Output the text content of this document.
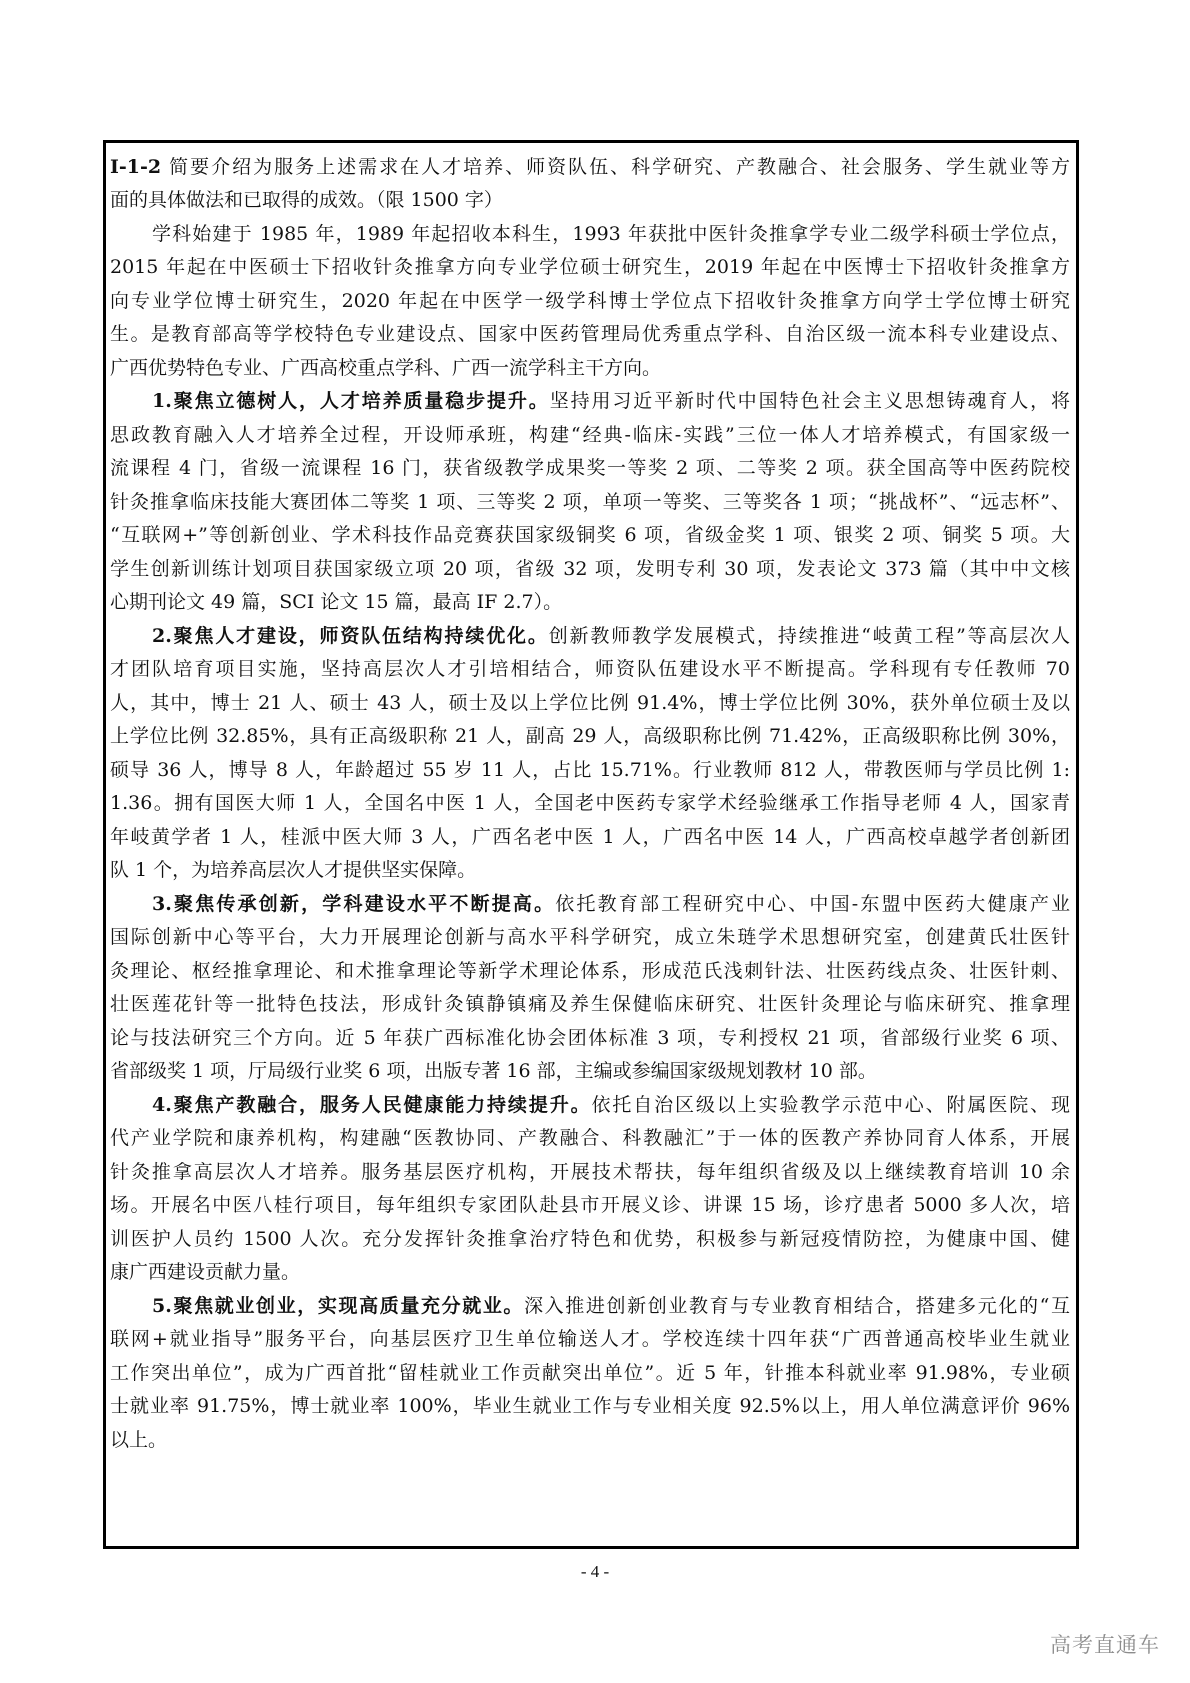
I-1-2 简要介绍为服务上述需求在人才培养、师资队伍、科学研究、产教融合、社会服务、学生就业等方
面的具体做法和已取得的成效。（限 1500 字）
学科始建于 1985 年，1989 年起招收本科生，1993 年获批中医针灸推拿学专业二级学科硕士学位点，
2015 年起在中医硕士下招收针灸推拿方向专业学位硕士研究生，2019 年起在中医博士下招收针灸推拿方
向专业学位博士研究生，2020 年起在中医学一级学科博士学位点下招收针灸推拿方向学士学位博士研究
生。是教育部高等学校特色专业建设点、国家中医药管理局优秀重点学科、自治区级一流本科专业建设点、
广西优势特色专业、广西高校重点学科、广西一流学科主干方向。
1.聚焦立德树人，人才培养质量稳步提升。坚持用习近平新时代中国特色社会主义思想铸魂育人，将
思政教育融入人才培养全过程，开设师承班，构建“经典-临床-实践”三位一体人才培养模式，有国家级一
流课程 4 门，省级一流课程 16 门，获省级教学成果奖一等奖 2 项、二等奖 2 项。获全国高等中医药院校
针灸推拿临床技能大赛团体二等奖 1 项、三等奖 2 项，单项一等奖、三等奖各 1 项；“挑战杯”、“远志杯”、
“互联网+”等创新创业、学术科技作品竞赛获国家级铜奖 6 项，省级金奖 1 项、银奖 2 项、铜奖 5 项。大
学生创新训练计划项目获国家级立项 20 项，省级 32 项，发明专利 30 项，发表论文 373 篇（其中中文核
心期刊论文 49 篇，SCI 论文 15 篇，最高 IF 2.7）。
2.聚焦人才建设，师资队伍结构持续优化。创新教师教学发展模式，持续推进“岐黄工程”等高层次人
才团队培育项目实施，坚持高层次人才引培相结合，师资队伍建设水平不断提高。学科现有专任教师 70
人，其中，博士 21 人、硕士 43 人，硕士及以上学位比例 91.4%，博士学位比例 30%，获外单位硕士及以
上学位比例 32.85%，具有正高级职称 21 人，副高 29 人，高级职称比例 71.42%，正高级职称比例 30%，
硕导 36 人，博导 8 人，年龄超过 55 岁 11 人，占比 15.71%。行业教师 812 人，带教医师与学员比例 1:
1.36。拥有国医大师 1 人，全国名中医 1 人，全国老中医药专家学术经验继承工作指导老师 4 人，国家青
年岐黄学者 1 人，桂派中医大师 3 人，广西名老中医 1 人，广西名中医 14 人，广西高校卓越学者创新团
队 1 个，为培养高层次人才提供坚实保障。
3.聚焦传承创新，学科建设水平不断提高。依托教育部工程研究中心、中国-东盟中医药大健康产业
国际创新中心等平台，大力开展理论创新与高水平科学研究，成立朱琏学术思想研究室，创建黄氏壮医针
灸理论、枢经推拿理论、和术推拿理论等新学术理论体系，形成范氏浅刺针法、壮医药线点灸、壮医针刺、
壮医莲花针等一批特色技法，形成针灸镇静镇痛及养生保健临床研究、壮医针灸理论与临床研究、推拿理
论与技法研究三个方向。近 5 年获广西标准化协会团体标准 3 项，专利授权 21 项，省部级行业奖 6 项、
省部级奖 1 项，厅局级行业奖 6 项，出版专著 16 部，主编或参编国家级规划教材 10 部。
4.聚焦产教融合，服务人民健康能力持续提升。依托自治区级以上实验教学示范中心、附属医院、现
代产业学院和康养机构，构建融“医教协同、产教融合、科教融汇”于一体的医教产养协同育人体系，开展
针灸推拿高层次人才培养。服务基层医疗机构，开展技术帮扶，每年组织省级及以上继续教育培训 10 余
场。开展名中医八桂行项目，每年组织专家团队赴县市开展义诊、讲课 15 场，诊疗患者 5000 多人次，培
训医护人员约 1500 人次。充分发挥针灸推拿治疗特色和优势，积极参与新冠疫情防控，为健康中国、健
康广西建设贡献力量。
5.聚焦就业创业，实现高质量充分就业。深入推进创新创业教育与专业教育相结合，搭建多元化的“互
联网+就业指导”服务平台，向基层医疗卫生单位输送人才。学校连续十四年获“广西普通高校毕业生就业
工作突出单位”，成为广西首批“留桂就业工作贡献突出单位”。近 5 年，针推本科就业率 91.98%，专业硕
士就业率 91.75%，博士就业率 100%，毕业生就业工作与专业相关度 92.5%以上，用人单位满意评价 96%
以上。
- 4 -
高考直通车
